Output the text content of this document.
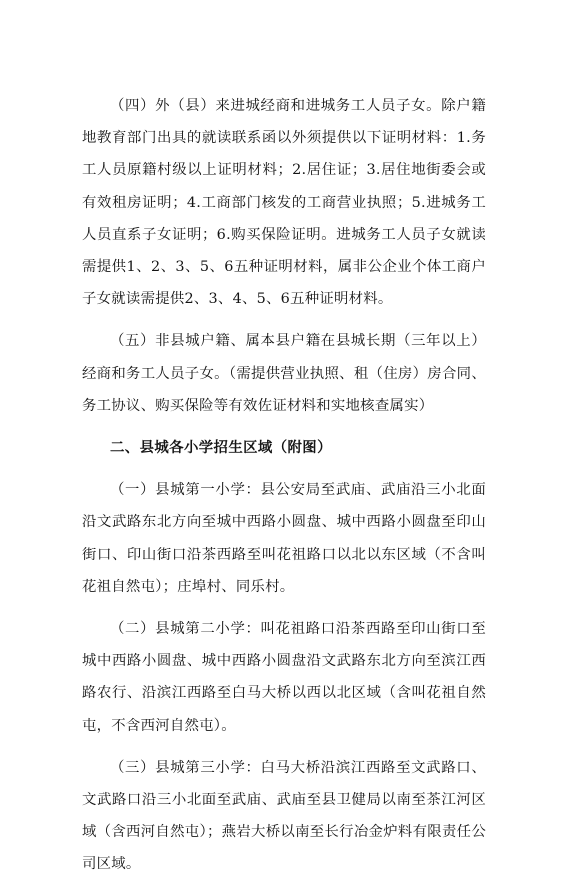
（四）外（县）来进城经商和进城务工人员子女。除户籍地教育部门出具的就读联系函以外须提供以下证明材料：1.务工人员原籍村级以上证明材料；2.居住证；3.居住地街委会或有效租房证明；4.工商部门核发的工商营业执照；5.进城务工人员直系子女证明；6.购买保险证明。进城务工人员子女就读需提供1、2、3、5、6五种证明材料，属非公企业个体工商户子女就读需提供2、3、4、5、6五种证明材料。

（五）非县城户籍、属本县户籍在县城长期（三年以上）经商和务工人员子女。（需提供营业执照、租（住房）房合同、务工协议、购买保险等有效佐证材料和实地核查属实）

二、县城各小学招生区域（附图）

（一）县城第一小学：县公安局至武庙、武庙沿三小北面沿文武路东北方向至城中西路小圆盘、城中西路小圆盘至印山街口、印山街口沿茶西路至叫花祖路口以北以东区域（不含叫花祖自然屯）；庄埠村、同乐村。

（二）县城第二小学：叫花祖路口沿茶西路至印山街口至城中西路小圆盘、城中西路小圆盘沿文武路东北方向至滨江西路农行、沿滨江西路至白马大桥以西以北区域（含叫花祖自然屯，不含西河自然屯）。

（三）县城第三小学：白马大桥沿滨江西路至文武路口、文武路口沿三小北面至武庙、武庙至县卫健局以南至茶江河区域（含西河自然屯）；燕岩大桥以南至长行冶金炉料有限责任公司区域。
